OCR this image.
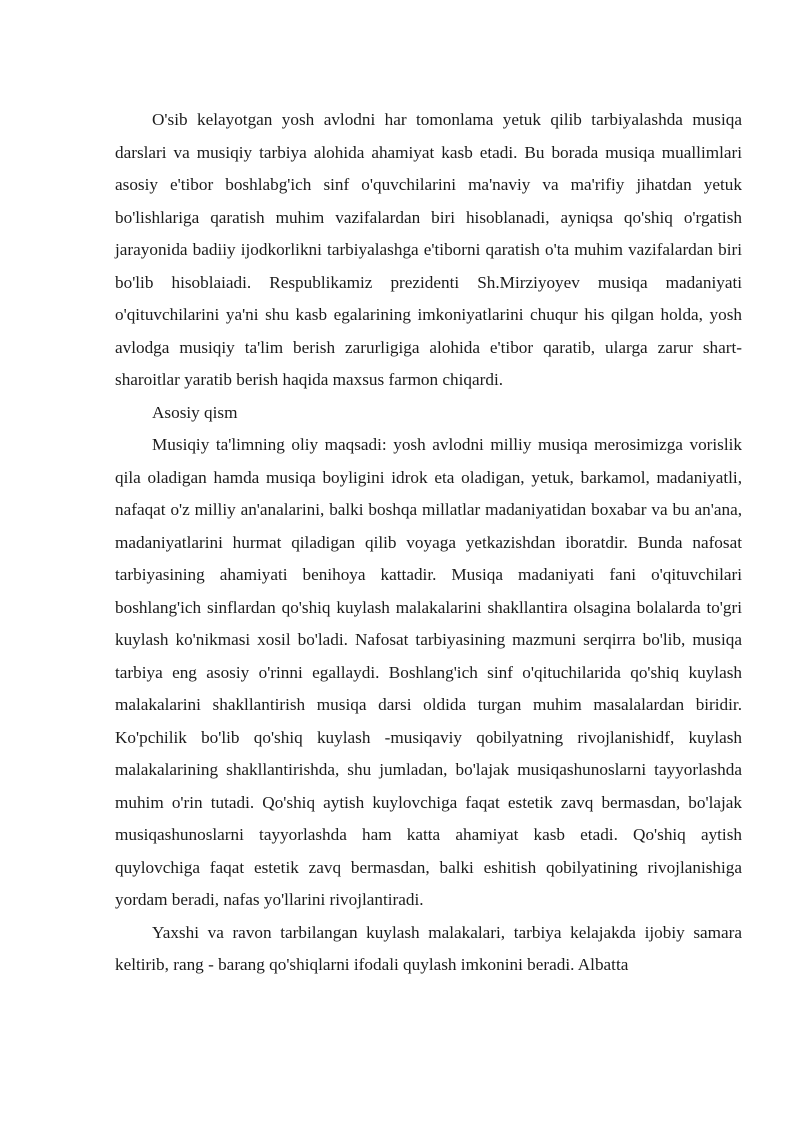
O'sib kelayotgan yosh avlodni har tomonlama yetuk qilib tarbiyalashda musiqa darslari va musiqiy tarbiya alohida ahamiyat kasb etadi. Bu borada musiqa muallimlari asosiy e'tibor boshlabg'ich sinf o'quvchilarini ma'naviy va ma'rifiy jihatdan yetuk bo'lishlariga qaratish muhim vazifalardan biri hisoblanadi, ayniqsa qo'shiq o'rgatish jarayonida badiiy ijodkorlikni tarbiyalashga e'tiborni qaratish o'ta muhim vazifalardan biri bo'lib hisoblaiadi. Respublikamiz prezidenti Sh.Mirziyoyev musiqa madaniyati o'qituvchilarini ya'ni shu kasb egalarining imkoniyatlarini chuqur his qilgan holda, yosh avlodga musiqiy ta'lim berish zarurligiga alohida e'tibor qaratib, ularga zarur shart-sharoitlar yaratib berish haqida maxsus farmon chiqardi.

Asosiy qism

Musiqiy ta'limning oliy maqsadi: yosh avlodni milliy musiqa merosimizga vorislik qila oladigan hamda musiqa boyligini idrok eta oladigan, yetuk, barkamol, madaniyatli, nafaqat o'z milliy an'analarini, balki boshqa millatlar madaniyatidan boxabar va bu an'ana, madaniyatlarini hurmat qiladigan qilib voyaga yetkazishdan iboratdir. Bunda nafosat tarbiyasining ahamiyati benihoya kattadir. Musiqa madaniyati fani o'qituvchilari boshlang'ich sinflardan qo'shiq kuylash malakalarini shakllantira olsagina bolalarda to'gri kuylash ko'nikmasi xosil bo'ladi. Nafosat tarbiyasining mazmuni serqirra bo'lib, musiqa tarbiya eng asosiy o'rinni egallaydi. Boshlang'ich sinf o'qituchilarida qo'shiq kuylash malakalarini shakllantirish musiqa darsi oldida turgan muhim masalalardan biridir. Ko'pchilik bo'lib qo'shiq kuylash -musiqaviy qobilyatning rivojlanishidf, kuylash malakalarining shakllantirishda, shu jumladan, bo'lajak musiqashunoslarni tayyorlashda muhim o'rin tutadi. Qo'shiq aytish kuylovchiga faqat estetik zavq bermasdan, bo'lajak musiqashunoslarni tayyorlashda ham katta ahamiyat kasb etadi. Qo'shiq aytish quylovchiga faqat estetik zavq bermasdan, balki eshitish qobilyatining rivojlanishiga yordam beradi, nafas yo'llarini rivojlantiradi.

Yaxshi va ravon tarbilangan kuylash malakalari, tarbiya kelajakda ijobiy samara keltirib, rang - barang qo'shiqlarni ifodali quylash imkonini beradi. Albatta
